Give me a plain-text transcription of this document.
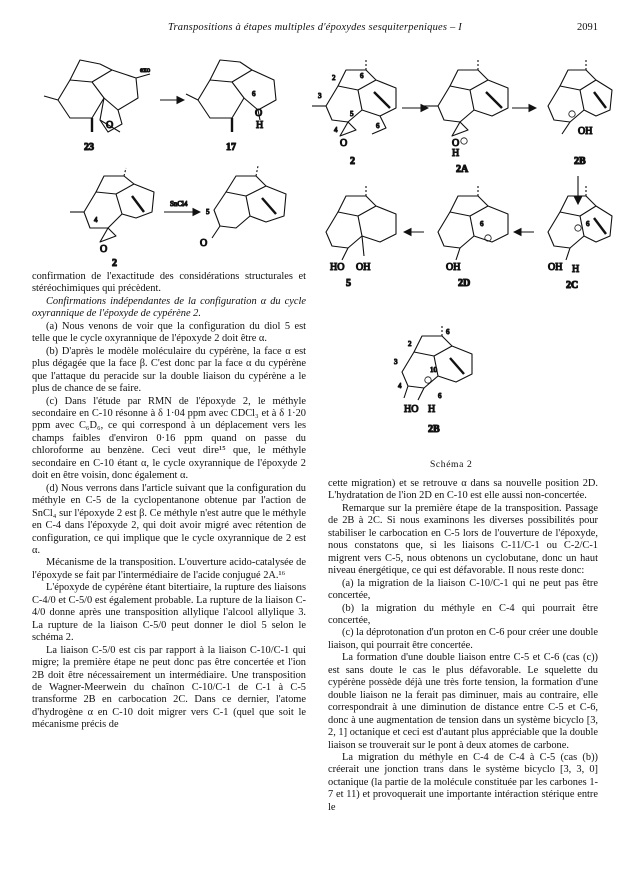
Transpositions à étapes multiples d'époxydes sesquiterpeniques – I	2091
exo
O
23
6
O
H
17
4
O
2
SnCl4
5
O
3
2	6
4
5
6
O
2
O
H
2A
OH
2B
HO OH
5
6
OH
2D
6
OH H
2C
3
2
6
10
4
6
HO H
2B
Schéma 2

confirmation de l'exactitude des considérations structurales et stéréochimiques qui précèdent.

Confirmations indépendantes de la configuration α du cycle oxyrannique de l'époxyde de cypérène 2.

(a) Nous venons de voir que la configuration du diol 5 est telle que le cycle oxyrannique de l'époxyde 2 doit être α.

(b) D'après le modèle moléculaire du cypérène, la face α est plus dégagée que la face β. C'est donc par la face α du cypérène que l'attaque du peracide sur la double liaison du cypérène a le plus de chance de se faire.

(c) Dans l'étude par RMN de l'époxyde 2, le méthyle secondaire en C-10 résonne à δ 1·04 ppm avec CDCl₃ et à δ 1·20 ppm avec C₆D₆, ce qui correspond à un déplacement vers les champs faibles d'environ 0·16 ppm quand on passe du chloroforme au benzène. Ceci veut dire¹⁵ que, le méthyle secondaire en C-10 étant α, le cycle oxyrannique de l'époxyde 2 doit en être voisin, donc également α.

(d) Nous verrons dans l'article suivant que la configuration du méthyle en C-5 de la cyclopentanone obtenue par l'action de SnCl₄ sur l'époxyde 2 est β. Ce méthyle n'est autre que le méthyle en C-4 dans l'époxyde 2, qui doit avoir migré avec rétention de configuration, ce qui implique que le cycle oxyrannique de 2 est α.

Mécanisme de la transposition. L'ouverture acido-catalysée de l'époxyde se fait par l'intermédiaire de l'acide conjugué 2A.¹⁶

L'époxyde de cypérène étant bitertiaire, la rupture des liaisons C-4/0 et C-5/0 est également probable. La rupture de la liaison C-4/0 donne après une transposition allylique l'alcool allylique 3. La rupture de la liaison C-5/0 peut donner le diol 5 selon le schéma 2.

La liaison C-5/0 est cis par rapport à la liaison C-10/C-1 qui migre; la première étape ne peut donc pas être concertée et l'ion 2B doit être nécessairement un intermédiaire. Une transposition de Wagner-Meerwein du chaînon C-10/C-1 de C-1 à C-5 transforme 2B en carbocation 2C. Dans ce dernier, l'atome d'hydrogène α en C-10 doit migrer vers C-1 (quel que soit le mécanisme précis de

cette migration) et se retrouve α dans sa nouvelle position 2D. L'hydratation de l'ion 2D en C-10 est elle aussi non-concertée.

Remarque sur la première étape de la transposition. Passage de 2B à 2C. Si nous examinons les diverses possibilités pour stabiliser le carbocation en C-5 lors de l'ouverture de l'époxyde, nous constatons que, si les liaisons C-11/C-1 ou C-2/C-1 migrent vers C-5, nous obtenons un cyclobutane, donc un haut niveau énergétique, ce qui est défavorable. Il nous reste donc:

(a) la migration de la liaison C-10/C-1 qui ne peut pas être concertée,

(b) la migration du méthyle en C-4 qui pourrait être concertée,

(c) la déprotonation d'un proton en C-6 pour créer une double liaison, qui pourrait être concertée.

La formation d'une double liaison entre C-5 et C-6 (cas (c)) est sans doute le cas le plus défavorable. Le squelette du cypérène possède déjà une très forte tension, la formation d'une double liaison ne la ferait pas diminuer, mais au contraire, elle correspondrait à une diminution de distance entre C-5 et C-6, donc à une augmentation de tension dans un système bicyclo [3, 2, 1] octanique et ceci est d'autant plus appréciable que la double liaison se trouverait sur le pont à deux atomes de carbone.

La migration du méthyle en C-4 de C-4 à C-5 (cas (b)) créerait une jonction trans dans le système bicyclo [3, 3, 0] octanique (la partie de la molécule constituée par les carbones 1-7 et 11) et provoquerait une importante intéraction stérique entre le
